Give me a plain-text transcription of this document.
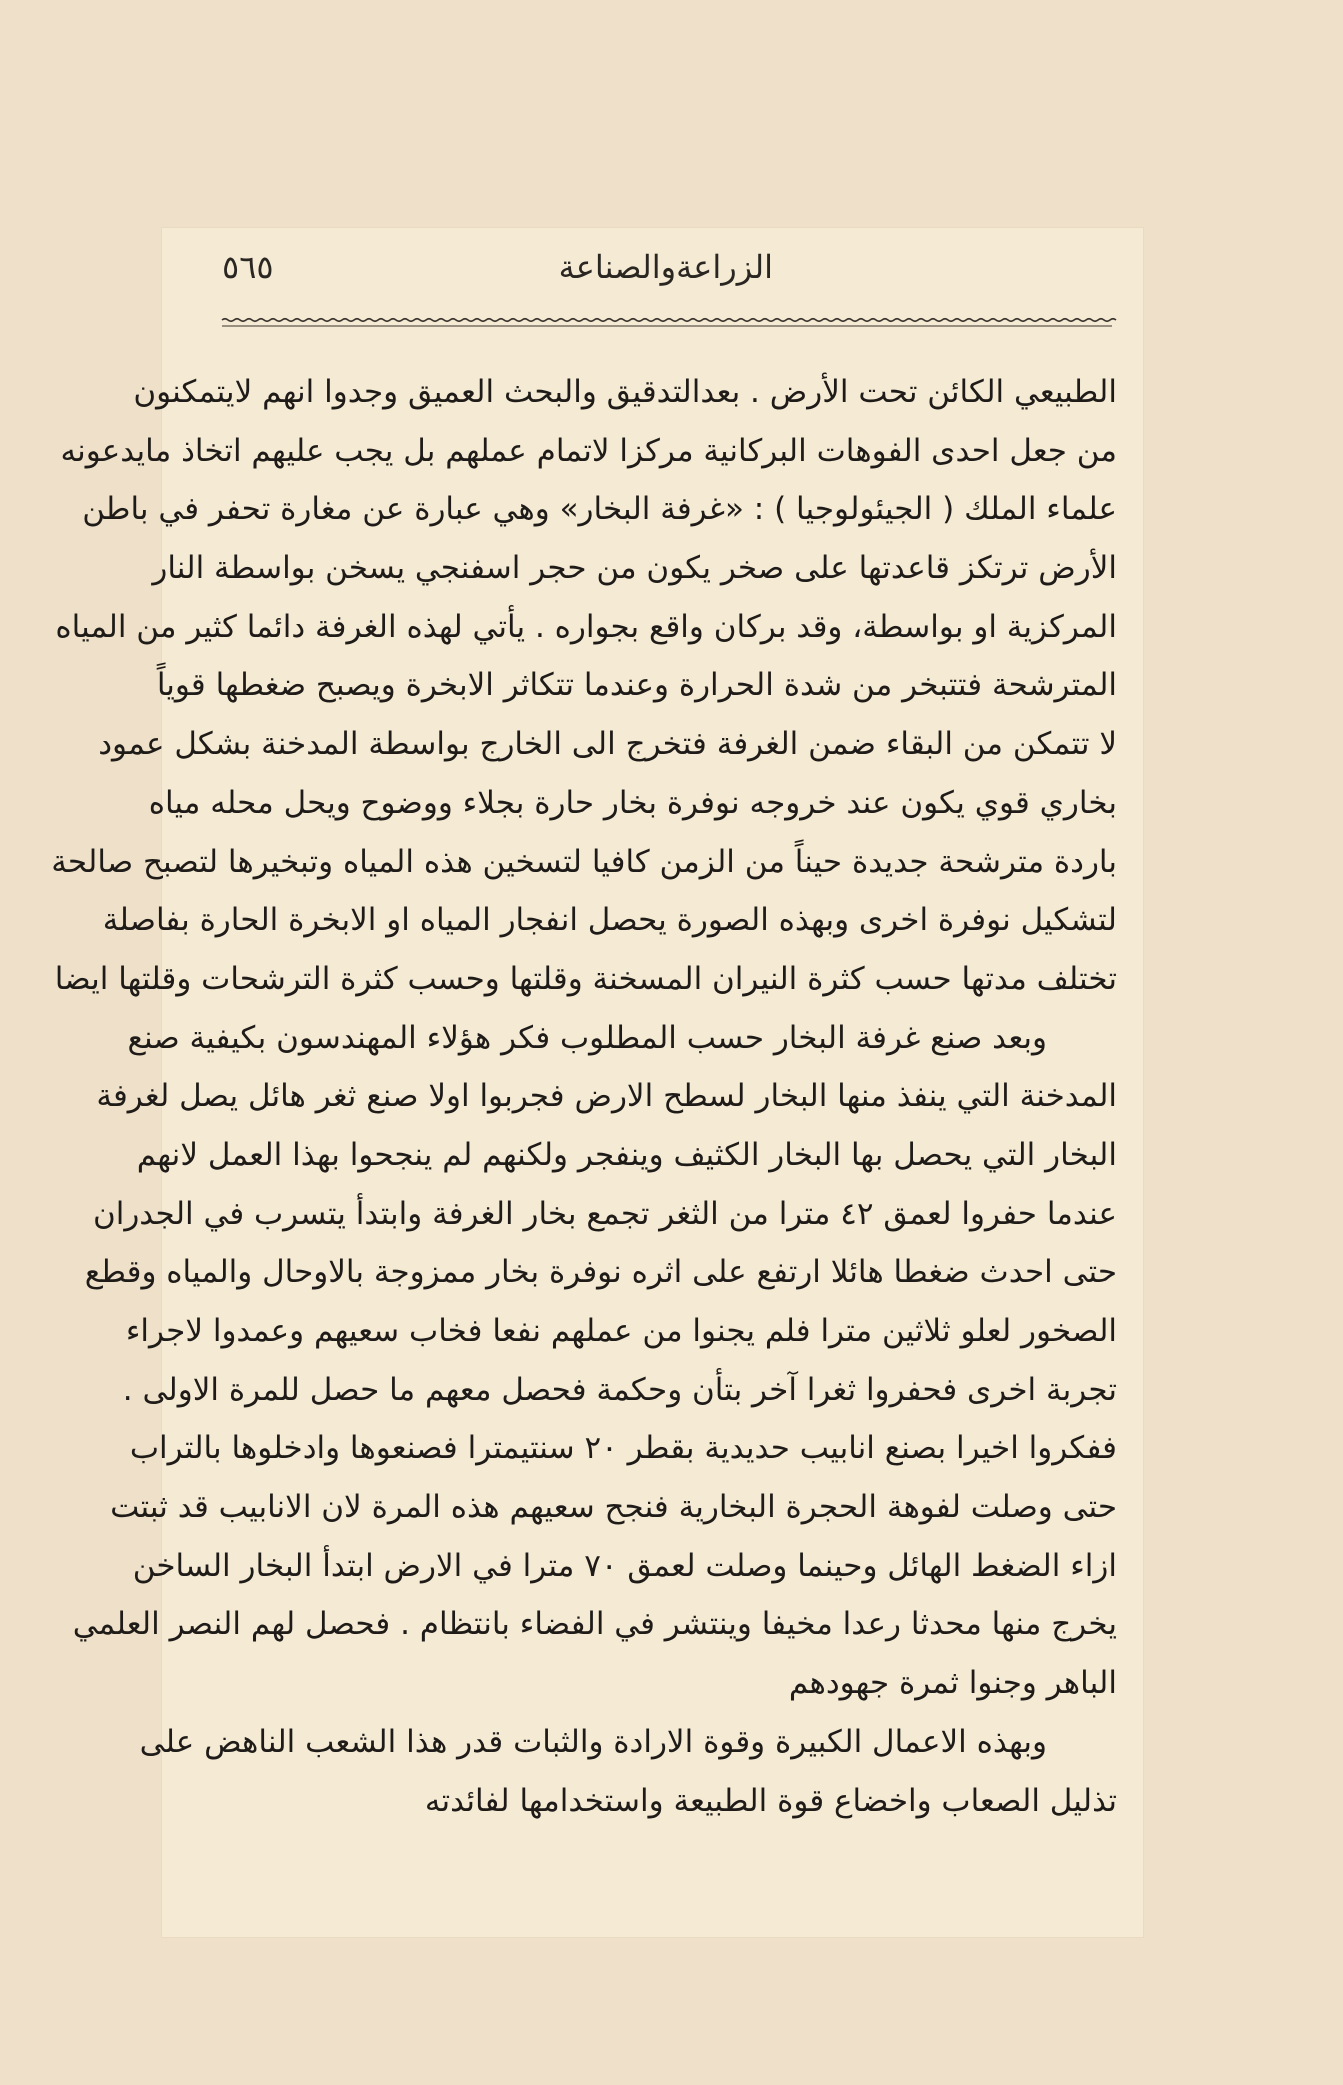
الزراعةوالصناعة
٥٦٥
الطبيعي الكائن تحت الأرض . بعدالتدقيق والبحث العميق وجدوا انهم لايتمكنون
من جعل احدى الفوهات البركانية مركزا لاتمام عملهم بل يجب عليهم اتخاذ مايدعونه
علماء الملك ( الجيئولوجيا ) : «غرفة البخار» وهي عبارة عن مغارة تحفر في باطن
الأرض ترتكز قاعدتها على صخر يكون من حجر اسفنجي يسخن بواسطة النار
المركزية او بواسطة، وقد بركان واقع بجواره . يأتي لهذه الغرفة دائما كثير من المياه
المترشحة فتتبخر من شدة الحرارة وعندما تتكاثر الابخرة ويصبح ضغطها قوياً
لا تتمكن من البقاء ضمن الغرفة فتخرج الى الخارج بواسطة المدخنة بشكل عمود
بخاري قوي يكون عند خروجه نوفرة بخار حارة بجلاء ووضوح ويحل محله مياه
باردة مترشحة جديدة حيناً من الزمن كافيا لتسخين هذه المياه وتبخيرها لتصبح صالحة
لتشكيل نوفرة اخرى وبهذه الصورة يحصل انفجار المياه او الابخرة الحارة بفاصلة
تختلف مدتها حسب كثرة النيران المسخنة وقلتها وحسب كثرة الترشحات وقلتها ايضا
وبعد صنع غرفة البخار حسب المطلوب فكر هؤلاء المهندسون بكيفية صنع
المدخنة التي ينفذ منها البخار لسطح الارض فجربوا اولا صنع ثغر هائل يصل لغرفة
البخار التي يحصل بها البخار الكثيف وينفجر ولكنهم لم ينجحوا بهذا العمل لانهم
عندما حفروا لعمق ٤٢ مترا من الثغر تجمع بخار الغرفة وابتدأ يتسرب في الجدران
حتى احدث ضغطا هائلا ارتفع على اثره نوفرة بخار ممزوجة بالاوحال والمياه وقطع
الصخور لعلو ثلاثين مترا فلم يجنوا من عملهم نفعا فخاب سعيهم وعمدوا لاجراء
تجربة اخرى فحفروا ثغرا آخر بتأن وحكمة فحصل معهم ما حصل للمرة الاولى .
ففكروا اخيرا بصنع انابيب حديدية بقطر ٢٠ سنتيمترا فصنعوها وادخلوها بالتراب
حتى وصلت لفوهة الحجرة البخارية فنجح سعيهم هذه المرة لان الانابيب قد ثبتت
ازاء الضغط الهائل وحينما وصلت لعمق ٧٠ مترا في الارض ابتدأ البخار الساخن
يخرج منها محدثا رعدا مخيفا وينتشر في الفضاء بانتظام . فحصل لهم النصر العلمي
الباهر وجنوا ثمرة جهودهم
وبهذه الاعمال الكبيرة وقوة الارادة والثبات قدر هذا الشعب الناهض على
تذليل الصعاب واخضاع قوة الطبيعة واستخدامها لفائدته
